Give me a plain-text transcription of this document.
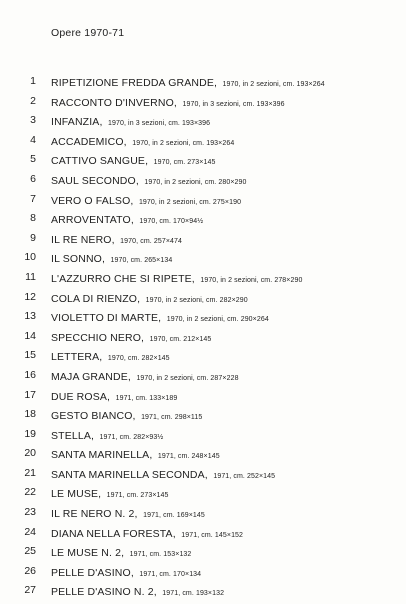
Opere 1970-71
1 RIPETIZIONE FREDDA GRANDE, 1970, in 2 sezioni, cm. 193×264
2 RACCONTO D'INVERNO, 1970, in 3 sezioni, cm. 193×396
3 INFANZIA, 1970, in 3 sezioni, cm. 193×396
4 ACCADEMICO, 1970, in 2 sezioni, cm. 193×264
5 CATTIVO SANGUE, 1970, cm. 273×145
6 SAUL SECONDO, 1970, in 2 sezioni, cm. 280×290
7 VERO O FALSO, 1970, in 2 sezioni, cm. 275×190
8 ARROVENTATO, 1970, cm. 170×94½
9 IL RE NERO, 1970, cm. 257×474
10 IL SONNO, 1970, cm. 265×134
11 L'AZZURRO CHE SI RIPETE, 1970, in 2 sezioni, cm. 278×290
12 COLA DI RIENZO, 1970, in 2 sezioni, cm. 282×290
13 VIOLETTO DI MARTE, 1970, in 2 sezioni, cm. 290×264
14 SPECCHIO NERO, 1970, cm. 212×145
15 LETTERA, 1970, cm. 282×145
16 MAJA GRANDE, 1970, in 2 sezioni, cm. 287×228
17 DUE ROSA, 1971, cm. 133×189
18 GESTO BIANCO, 1971, cm. 298×115
19 STELLA, 1971, cm. 282×93½
20 SANTA MARINELLA, 1971, cm. 248×145
21 SANTA MARINELLA SECONDA, 1971, cm. 252×145
22 LE MUSE, 1971, cm. 273×145
23 IL RE NERO N. 2, 1971, cm. 169×145
24 DIANA NELLA FORESTA, 1971, cm. 145×152
25 LE MUSE N. 2, 1971, cm. 153×132
26 PELLE D'ASINO, 1971, cm. 170×134
27 PELLE D'ASINO N. 2, 1971, cm. 193×132
